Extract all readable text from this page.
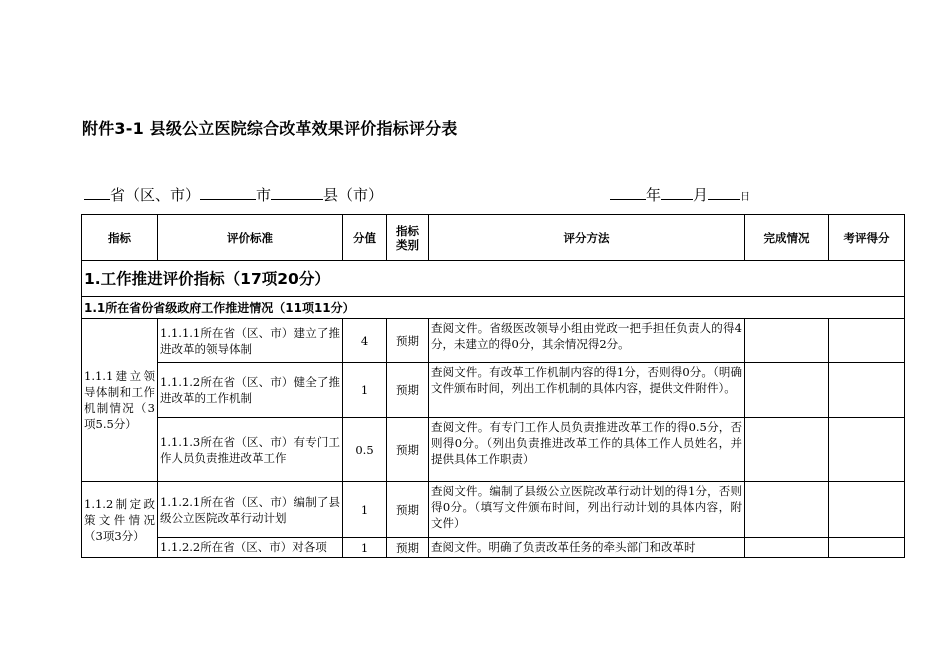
附件3-1 县级公立医院综合改革效果评价指标评分表
省（区、市）	市	县（市）	年 月	日
指标	评价标准	分值	指标类别	评分方法	完成情况	考评得分
1.工作推进评价指标（17项20分）						
1.1所在省份省级政府工作推进情况（11项11分）						
1.1.1建立领导体制和工作机制情况（3项5.5分）	1.1.1.1所在省（区、市）建立了推进改革的领导体制	4	预期	查阅文件。省级医改领导小组由党政一把手担任负责人的得4分，未建立的得0分，其余情况得2分。		
	1.1.1.2所在省（区、市）健全了推进改革的工作机制	1	预期	查阅文件。有改革工作机制内容的得1分，否则得0分。（明确文件颁布时间，列出工作机制的具体内容，提供文件附件）。		
	1.1.1.3所在省（区、市）有专门工作人员负责推进改革工作	0.5	预期	查阅文件。有专门工作人员负责推进改革工作的得0.5分，否则得0分。（列出负责推进改革工作的具体工作人员姓名，并提供具体工作职责）		
1.1.2制定政策文件情况（3项3分）	1.1.2.1所在省（区、市）编制了县级公立医院改革行动计划	1	预期	查阅文件。编制了县级公立医院改革行动计划的得1分，否则得0分。（填写文件颁布时间，列出行动计划的具体内容，附文件）		
	1.1.2.2所在省（区、市）对各项	1	预期	查阅文件。明确了负责改革任务的牵头部门和改革时		
